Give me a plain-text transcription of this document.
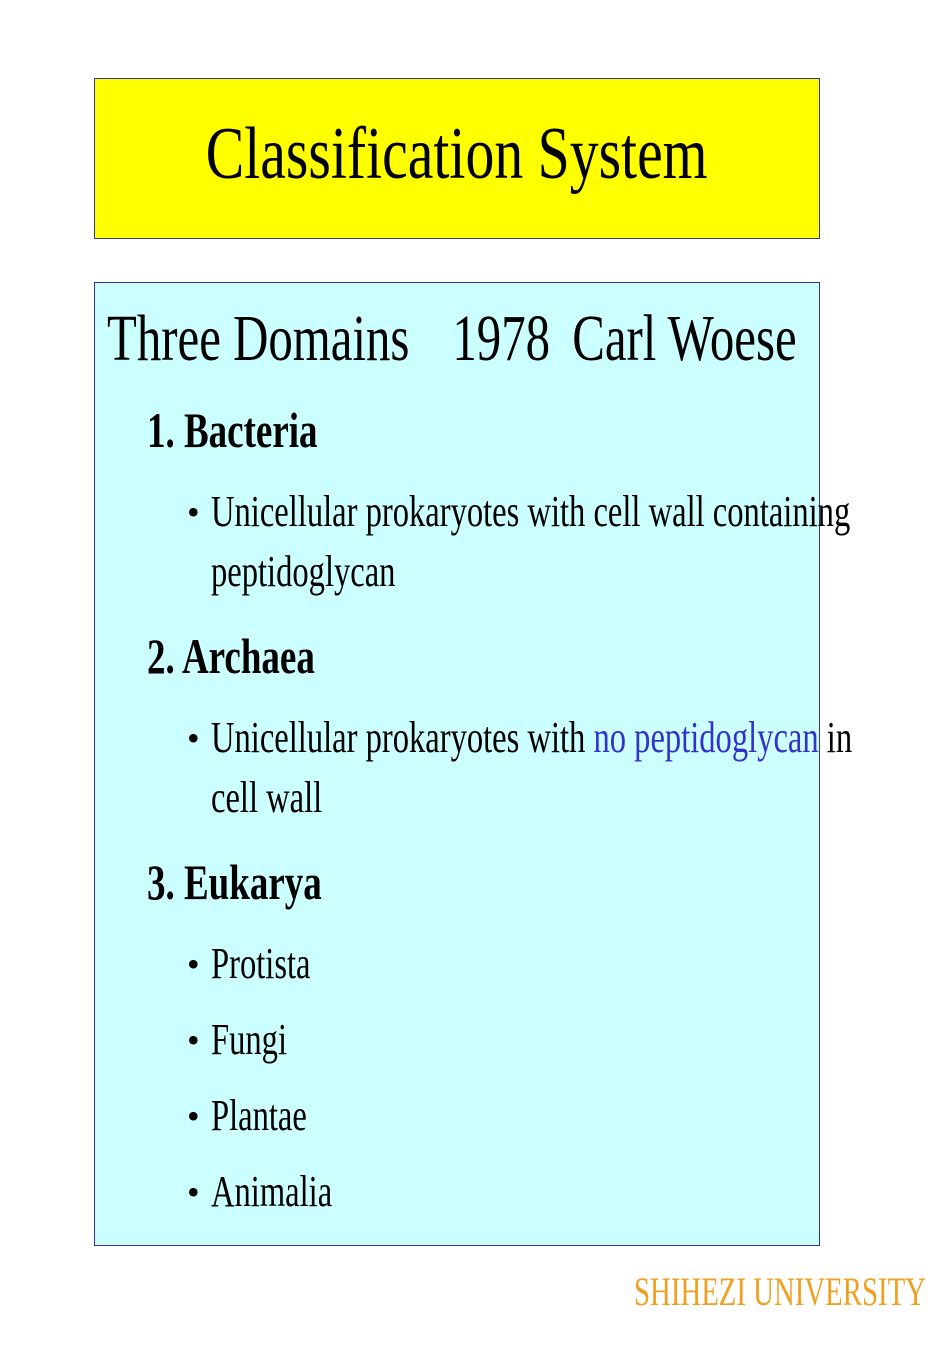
Classification System
Three Domains 1978 Carl Woese
1. Bacteria
• Unicellular prokaryotes with cell wall containing
peptidoglycan
2. Archaea
• Unicellular prokaryotes with no peptidoglycan in
cell wall
3. Eukarya
• Protista
• Fungi
• Plantae
• Animalia
SHIHEZI UNIVERSITY
